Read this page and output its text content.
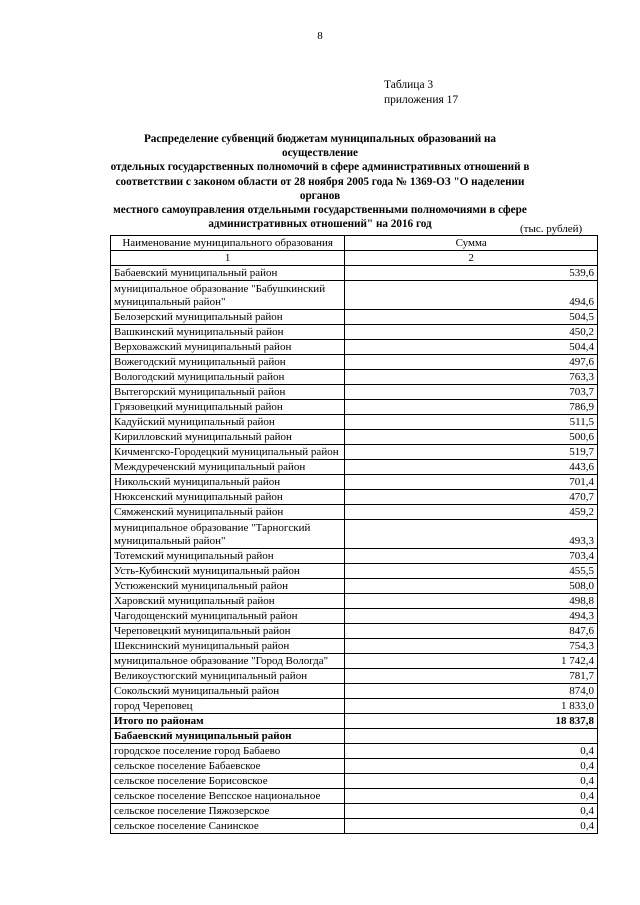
8
Таблица 3
приложения 17
Распределение субвенций бюджетам муниципальных образований на осуществление
отдельных государственных полномочий в сфере административных отношений в
соответствии с законом области от 28 ноября 2005 года № 1369-ОЗ "О наделении органов
местного самоуправления отдельными государственными полномочиями в сфере
административных отношений" на 2016 год	(тыс. рублей)
Наименование муниципального образования	Сумма
1	2
Бабаевский муниципальный район	539,6
муниципальное образование "Бабушкинский муниципальный район"	494,6
Белозерский муниципальный район	504,5
Вашкинский муниципальный район	450,2
Верховажский муниципальный район	504,4
Вожегодский муниципальный район	497,6
Вологодский муниципальный район	763,3
Вытегорский муниципальный район	703,7
Грязовецкий муниципальный район	786,9
Кадуйский муниципальный район	511,5
Кирилловский муниципальный район	500,6
Кичменгско-Городецкий муниципальный район	519,7
Междуреченский муниципальный район	443,6
Никольский муниципальный район	701,4
Нюксенский муниципальный район	470,7
Сямженский муниципальный район	459,2
муниципальное образование "Тарногский муниципальный район"	493,3
Тотемский муниципальный район	703,4
Усть-Кубинский муниципальный район	455,5
Устюженский муниципальный район	508,0
Харовский муниципальный район	498,8
Чагодощенский муниципальный район	494,3
Череповецкий муниципальный район	847,6
Шекснинский муниципальный район	754,3
муниципальное образование "Город Вологда"	1 742,4
Великоустюгский муниципальный район	781,7
Сокольский муниципальный район	874,0
город Череповец	1 833,0
Итого по районам	18 837,8
Бабаевский муниципальный район	
городское поселение город Бабаево	0,4
сельское поселение Бабаевское	0,4
сельское поселение Борисовское	0,4
сельское поселение Вепсское национальное	0,4
сельское поселение Пяжозерское	0,4
сельское поселение Санинское	0,4
